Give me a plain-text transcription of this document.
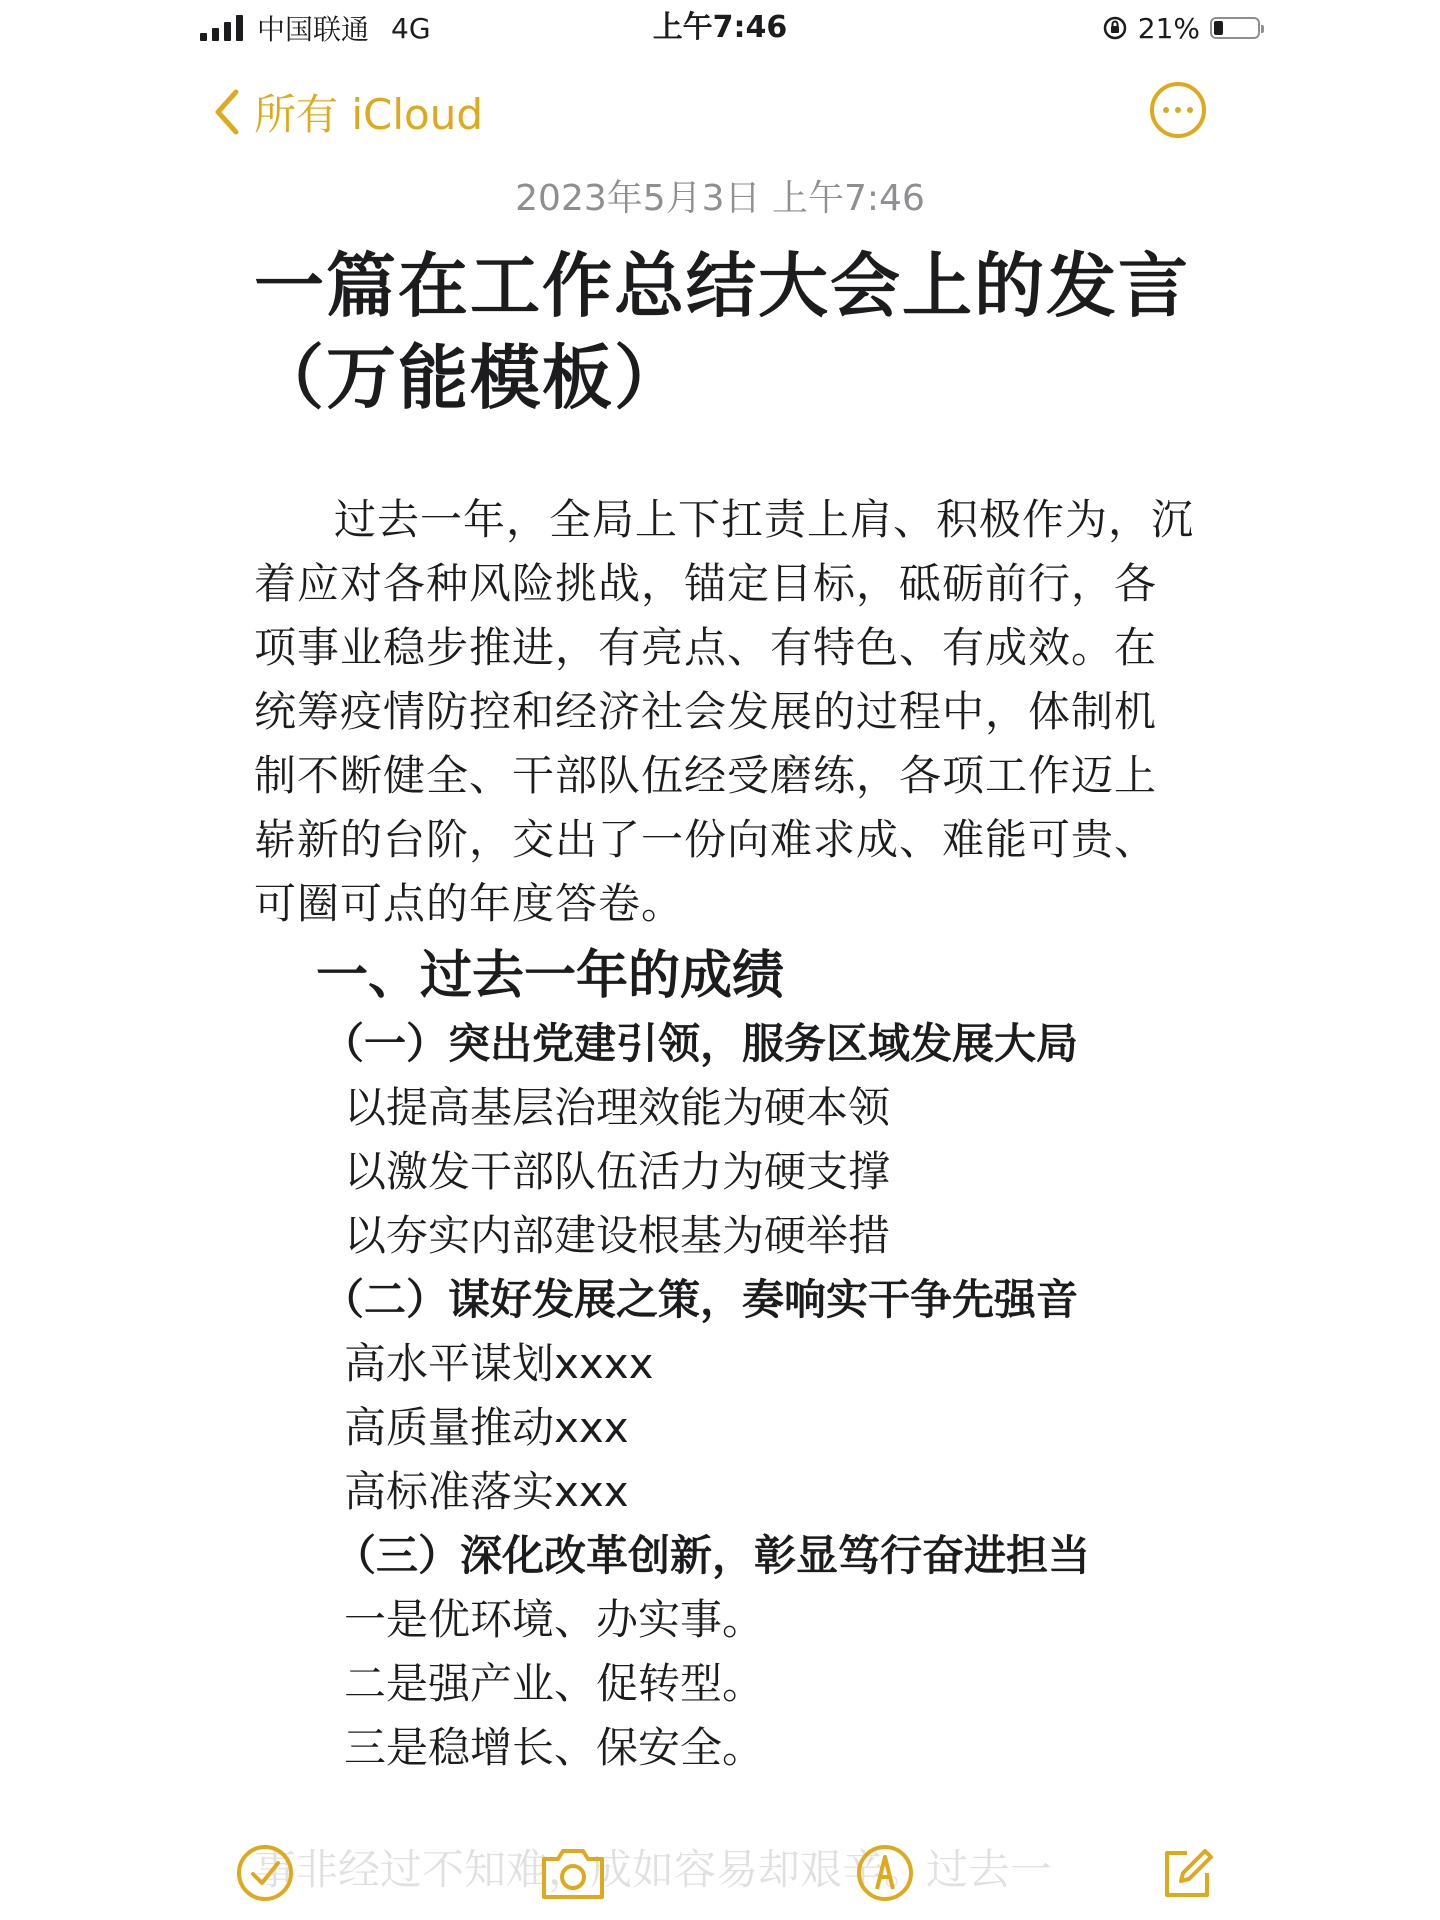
中国联通 4G	上午7:46	21%
所有 iCloud
2023年5月3日 上午7:46
一篇在工作总结大会上的发言（万能模板）

过去一年，全局上下扛责上肩、积极作为，沉着应对各种风险挑战，锚定目标，砥砺前行，各项事业稳步推进，有亮点、有特色、有成效。在统筹疫情防控和经济社会发展的过程中，体制机制不断健全、干部队伍经受磨练，各项工作迈上崭新的台阶，交出了一份向难求成、难能可贵、可圈可点的年度答卷。

一、过去一年的成绩
（一）突出党建引领，服务区域发展大局
以提高基层治理效能为硬本领
以激发干部队伍活力为硬支撑
以夯实内部建设根基为硬举措
（二）谋好发展之策，奏响实干争先强音
高水平谋划xxxx
高质量推动xxx
高标准落实xxx
（三）深化改革创新，彰显笃行奋进担当
一是优环境、办实事。
二是强产业、促转型。
三是稳增长、保安全。
事非经过不知难，成如容易却艰辛。过去一
